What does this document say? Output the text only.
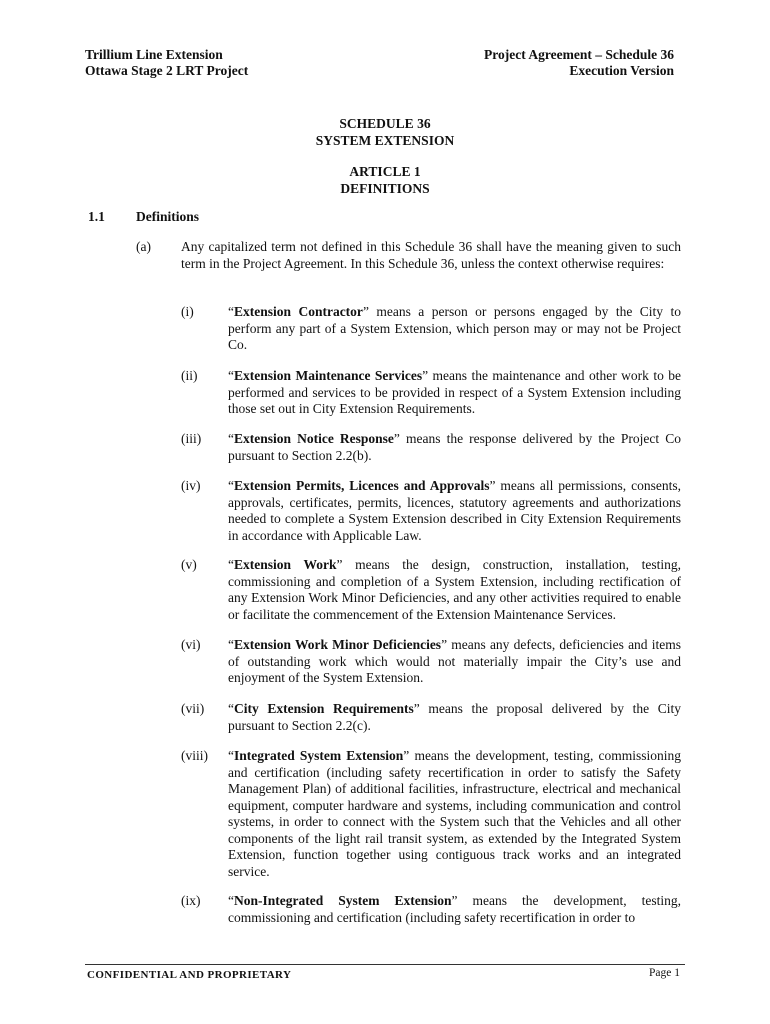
Trillium Line Extension
Ottawa Stage 2 LRT Project
Project Agreement – Schedule 36
Execution Version
SCHEDULE 36
SYSTEM EXTENSION
ARTICLE 1
DEFINITIONS
1.1 Definitions
(a) Any capitalized term not defined in this Schedule 36 shall have the meaning given to such term in the Project Agreement. In this Schedule 36, unless the context otherwise requires:
(i)	“Extension Contractor” means a person or persons engaged by the City to perform any part of a System Extension, which person may or may not be Project Co.
(ii) “Extension Maintenance Services” means the maintenance and other work to be performed and services to be provided in respect of a System Extension including those set out in City Extension Requirements.
(iii) “Extension Notice Response” means the response delivered by the Project Co pursuant to Section 2.2(b).
(iv) “Extension Permits, Licences and Approvals” means all permissions, consents, approvals, certificates, permits, licences, statutory agreements and authorizations needed to complete a System Extension described in City Extension Requirements in accordance with Applicable Law.
(v) “Extension Work” means the design, construction, installation, testing, commissioning and completion of a System Extension, including rectification of any Extension Work Minor Deficiencies, and any other activities required to enable or facilitate the commencement of the Extension Maintenance Services.
(vi) “Extension Work Minor Deficiencies” means any defects, deficiencies and items of outstanding work which would not materially impair the City’s use and enjoyment of the System Extension.
(vii) “City Extension Requirements” means the proposal delivered by the City pursuant to Section 2.2(c).
(viii) “Integrated System Extension” means the development, testing, commissioning and certification (including safety recertification in order to satisfy the Safety Management Plan) of additional facilities, infrastructure, electrical and mechanical equipment, computer hardware and systems, including communication and control systems, in order to connect with the System such that the Vehicles and all other components of the light rail transit system, as extended by the Integrated System Extension, function together using contiguous track works and an integrated service.
(ix) “Non-Integrated System Extension” means the development, testing, commissioning and certification (including safety recertification in order to
CONFIDENTIAL AND PROPRIETARY	Page 1
